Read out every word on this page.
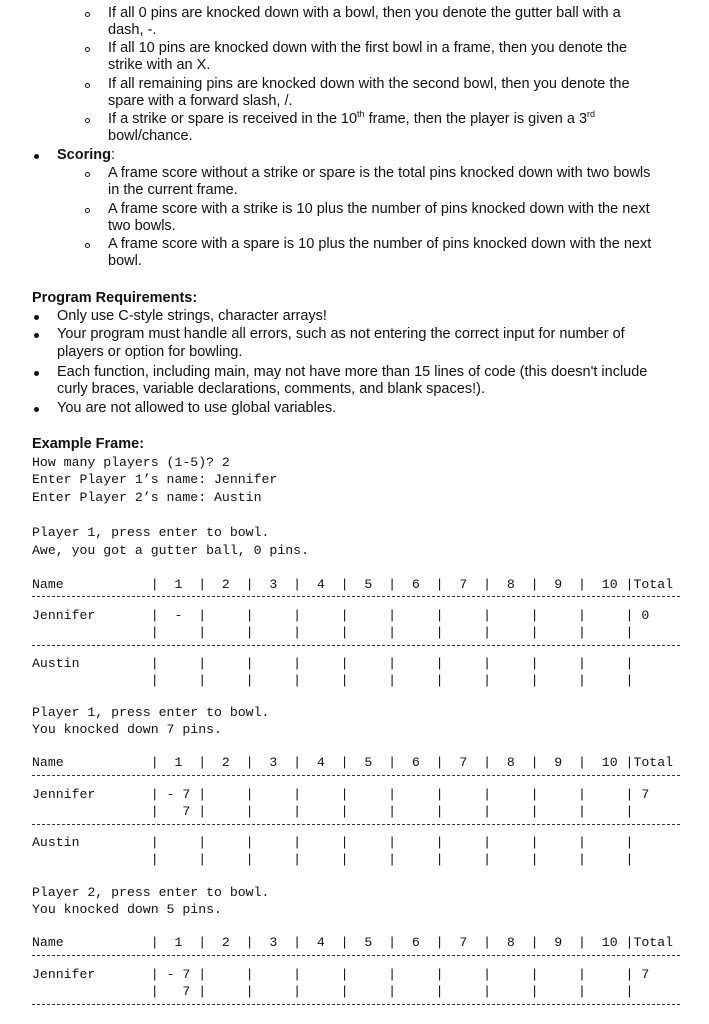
If all 0 pins are knocked down with a bowl, then you denote the gutter ball with a
dash, -.
If all 10 pins are knocked down with the first bowl in a frame, then you denote the
strike with an X.
If all remaining pins are knocked down with the second bowl, then you denote the
spare with a forward slash, /.
If a strike or spare is received in the 10th frame, then the player is given a 3rd
bowl/chance.
Scoring:
A frame score without a strike or spare is the total pins knocked down with two bowls
in the current frame.
A frame score with a strike is 10 plus the number of pins knocked down with the next
two bowls.
A frame score with a spare is 10 plus the number of pins knocked down with the next
bowl.
Program Requirements:
Only use C-style strings, character arrays!
Your program must handle all errors, such as not entering the correct input for number of
players or option for bowling.
Each function, including main, may not have more than 15 lines of code (this doesn't include
curly braces, variable declarations, comments, and blank spaces!).
You are not allowed to use global variables.
Example Frame:
How many players (1-5)? 2
Enter Player 1’s name: Jennifer
Enter Player 2’s name: Austin
Player 1, press enter to bowl.
Awe, you got a gutter ball, 0 pins.
Name           |  1  |  2  |  3  |  4  |  5  |  6  |  7  |  8  |  9  |  10 |Total
Jennifer       |  -  |     |     |     |     |     |     |     |     |     | 0
|     |     |     |     |     |     |     |     |     |     |
Austin         |     |     |     |     |     |     |     |     |     |     |
|     |     |     |     |     |     |     |     |     |     |
Player 1, press enter to bowl.
You knocked down 7 pins.
Name           |  1  |  2  |  3  |  4  |  5  |  6  |  7  |  8  |  9  |  10 |Total
Jennifer       | - 7 |     |     |     |     |     |     |     |     |     | 7
|   7 |     |     |     |     |     |     |     |     |     |
Austin         |     |     |     |     |     |     |     |     |     |     |
|     |     |     |     |     |     |     |     |     |     |
Player 2, press enter to bowl.
You knocked down 5 pins.
Name           |  1  |  2  |  3  |  4  |  5  |  6  |  7  |  8  |  9  |  10 |Total
Jennifer       | - 7 |     |     |     |     |     |     |     |     |     | 7
|   7 |     |     |     |     |     |     |     |     |     |
